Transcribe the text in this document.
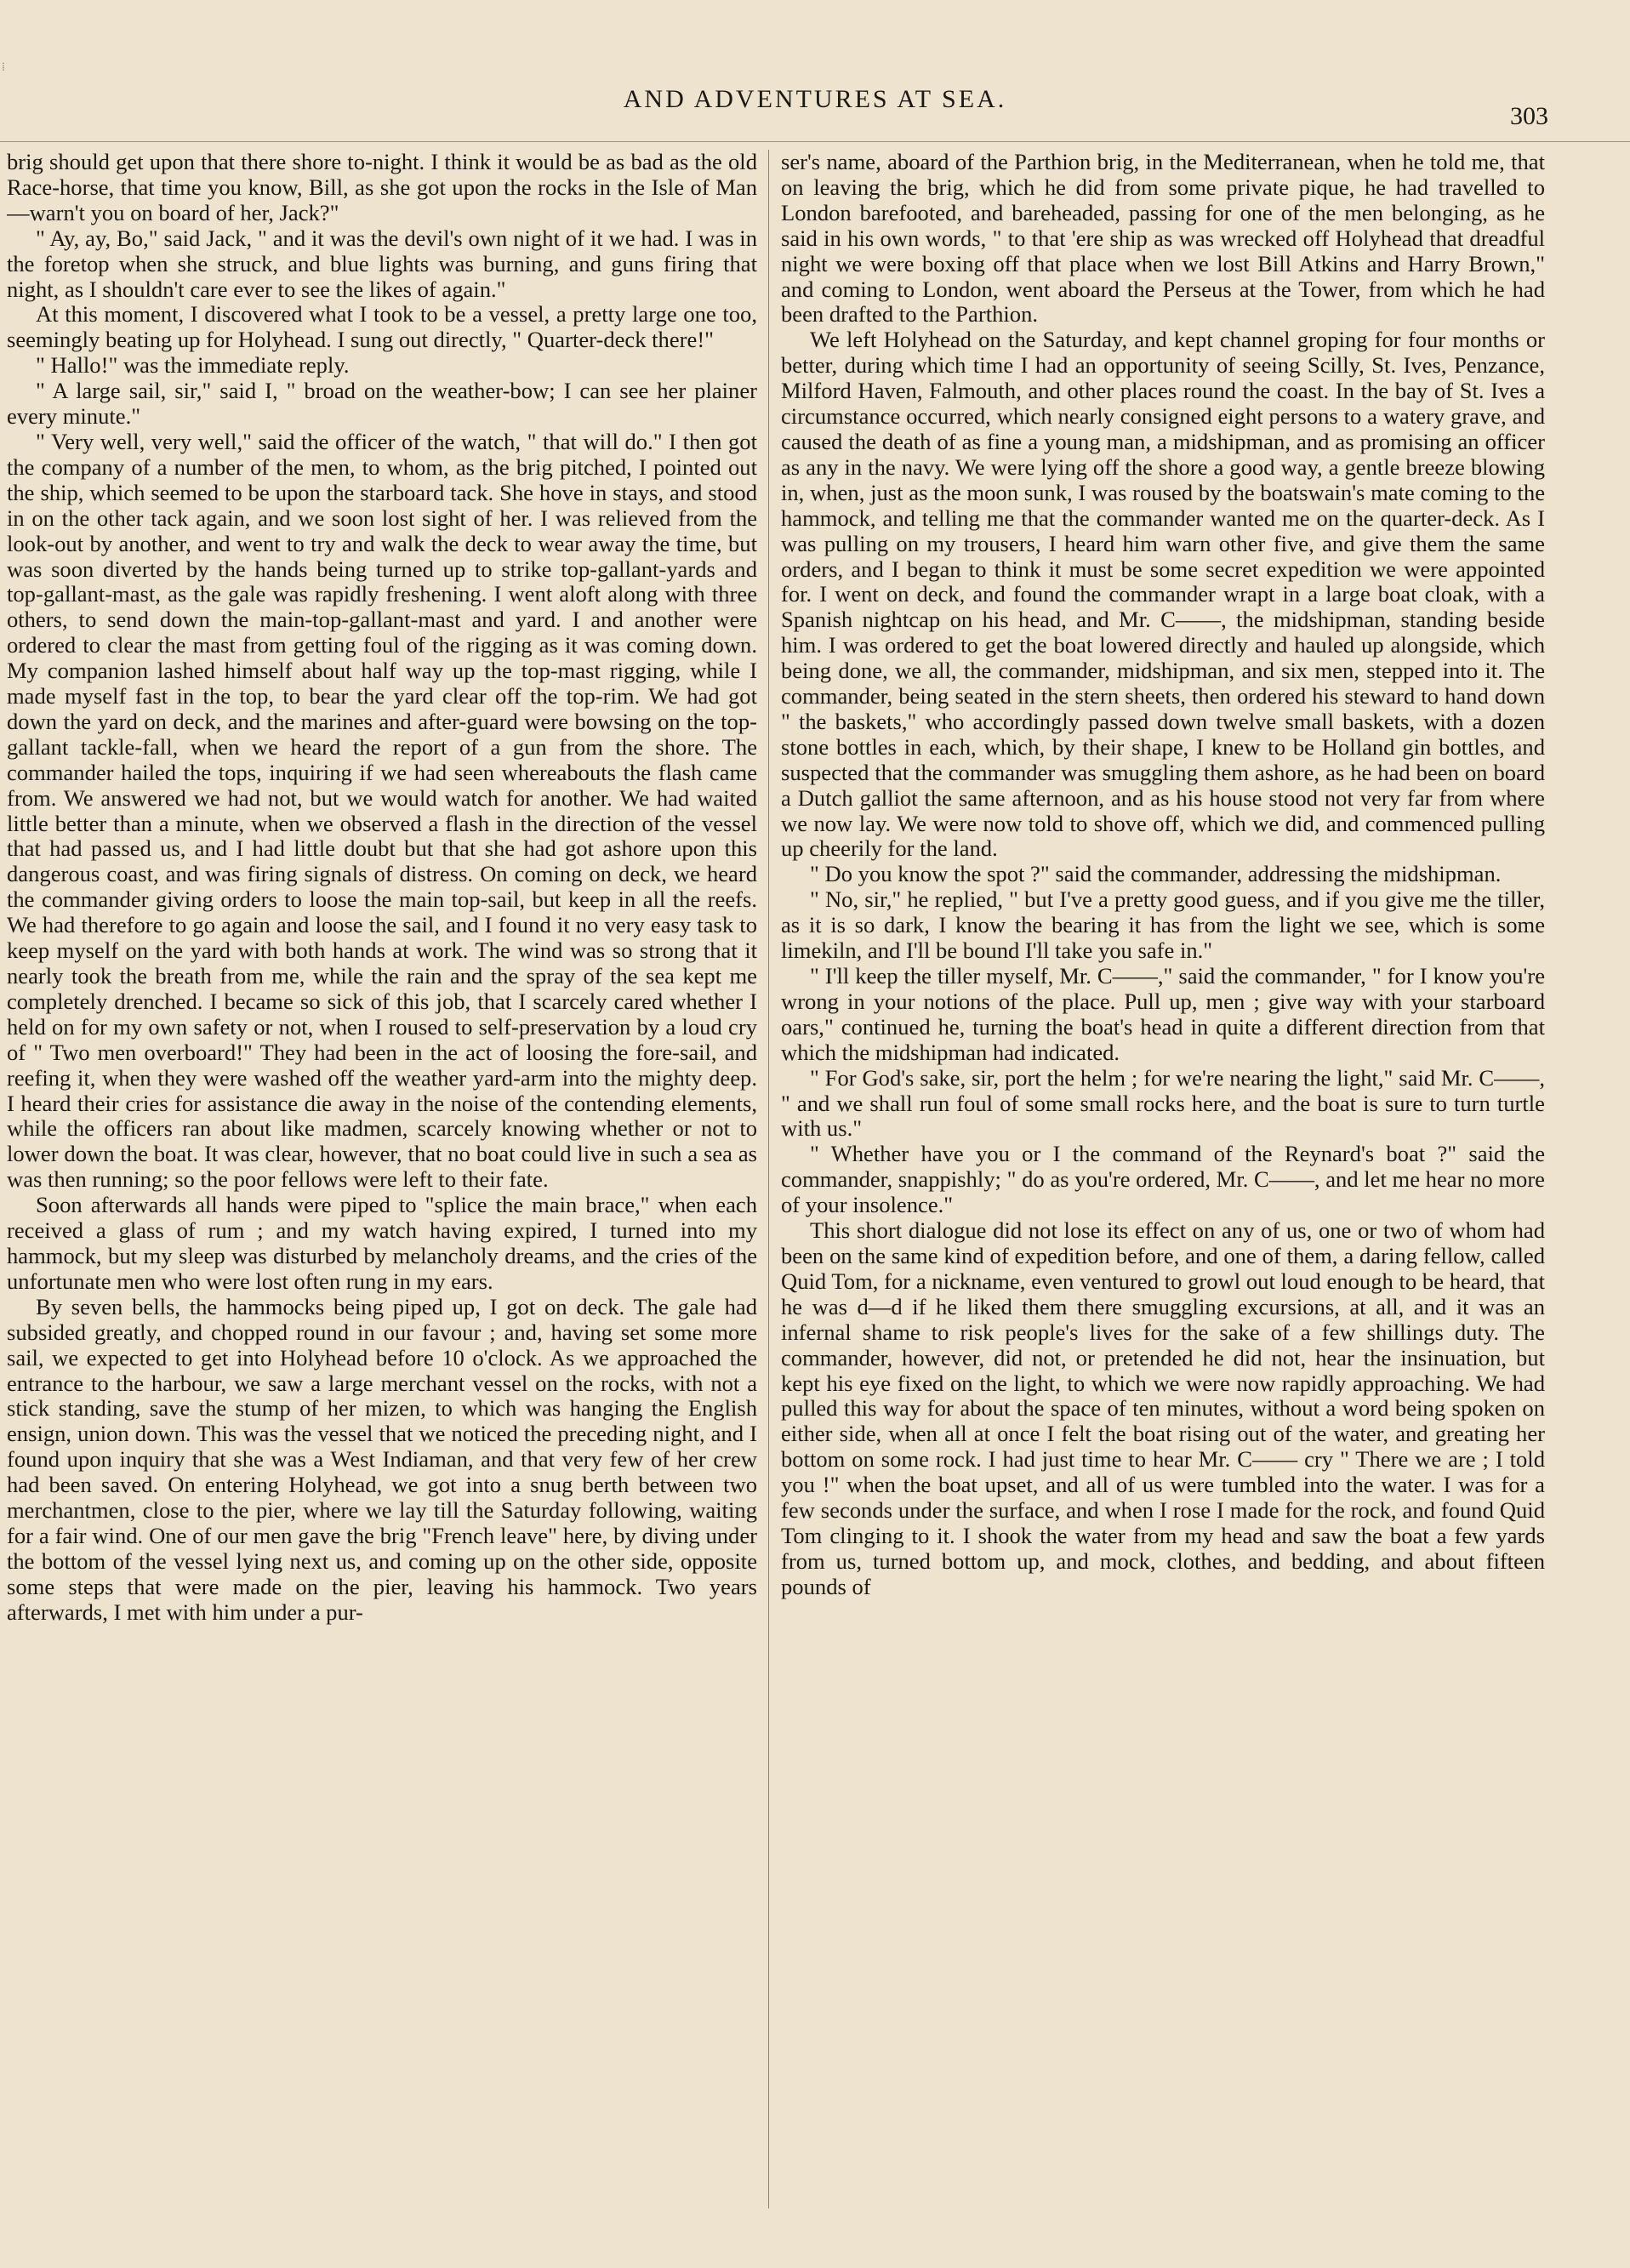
⁞
AND ADVENTURES AT SEA.
303

brig should get upon that there shore to-night. I think it would be as bad as the old Race-horse, that time you know, Bill, as she got upon the rocks in the Isle of Man—warn't you on board of her, Jack?"

" Ay, ay, Bo," said Jack, " and it was the devil's own night of it we had. I was in the foretop when she struck, and blue lights was burning, and guns firing that night, as I shouldn't care ever to see the likes of again."

At this moment, I discovered what I took to be a vessel, a pretty large one too, seemingly beating up for Holyhead. I sung out directly, " Quarter-deck there!"

" Hallo!" was the immediate reply.

" A large sail, sir," said I, " broad on the weather-bow; I can see her plainer every minute."

" Very well, very well," said the officer of the watch, " that will do." I then got the company of a number of the men, to whom, as the brig pitched, I pointed out the ship, which seemed to be upon the starboard tack. She hove in stays, and stood in on the other tack again, and we soon lost sight of her. I was relieved from the look-out by another, and went to try and walk the deck to wear away the time, but was soon diverted by the hands being turned up to strike top-gallant-yards and top-gallant-mast, as the gale was rapidly freshening. I went aloft along with three others, to send down the main-top-gallant-mast and yard. I and another were ordered to clear the mast from getting foul of the rigging as it was coming down. My companion lashed himself about half way up the top-mast rigging, while I made myself fast in the top, to bear the yard clear off the top-rim. We had got down the yard on deck, and the marines and after-guard were bowsing on the top-gallant tackle-fall, when we heard the report of a gun from the shore. The commander hailed the tops, inquiring if we had seen whereabouts the flash came from. We answered we had not, but we would watch for another. We had waited little better than a minute, when we observed a flash in the direction of the vessel that had passed us, and I had little doubt but that she had got ashore upon this dangerous coast, and was firing signals of distress. On coming on deck, we heard the commander giving orders to loose the main top-sail, but keep in all the reefs. We had therefore to go again and loose the sail, and I found it no very easy task to keep myself on the yard with both hands at work. The wind was so strong that it nearly took the breath from me, while the rain and the spray of the sea kept me completely drenched. I became so sick of this job, that I scarcely cared whether I held on for my own safety or not, when I roused to self-preservation by a loud cry of " Two men overboard!" They had been in the act of loosing the fore-sail, and reefing it, when they were washed off the weather yard-arm into the mighty deep. I heard their cries for assistance die away in the noise of the contending elements, while the officers ran about like madmen, scarcely knowing whether or not to lower down the boat. It was clear, however, that no boat could live in such a sea as was then running; so the poor fellows were left to their fate.

Soon afterwards all hands were piped to "splice the main brace," when each received a glass of rum ; and my watch having expired, I turned into my hammock, but my sleep was disturbed by melancholy dreams, and the cries of the unfortunate men who were lost often rung in my ears.

By seven bells, the hammocks being piped up, I got on deck. The gale had subsided greatly, and chopped round in our favour ; and, having set some more sail, we expected to get into Holyhead before 10 o'clock. As we approached the entrance to the harbour, we saw a large merchant vessel on the rocks, with not a stick standing, save the stump of her mizen, to which was hanging the English ensign, union down. This was the vessel that we noticed the preceding night, and I found upon inquiry that she was a West Indiaman, and that very few of her crew had been saved. On entering Holyhead, we got into a snug berth between two merchantmen, close to the pier, where we lay till the Saturday following, waiting for a fair wind. One of our men gave the brig "French leave" here, by diving under the bottom of the vessel lying next us, and coming up on the other side, opposite some steps that were made on the pier, leaving his hammock. Two years afterwards, I met with him under a pur-

ser's name, aboard of the Parthion brig, in the Mediterranean, when he told me, that on leaving the brig, which he did from some private pique, he had travelled to London barefooted, and bareheaded, passing for one of the men belonging, as he said in his own words, " to that 'ere ship as was wrecked off Holyhead that dreadful night we were boxing off that place when we lost Bill Atkins and Harry Brown," and coming to London, went aboard the Perseus at the Tower, from which he had been drafted to the Parthion.

We left Holyhead on the Saturday, and kept channel groping for four months or better, during which time I had an opportunity of seeing Scilly, St. Ives, Penzance, Milford Haven, Falmouth, and other places round the coast. In the bay of St. Ives a circumstance occurred, which nearly consigned eight persons to a watery grave, and caused the death of as fine a young man, a midshipman, and as promising an officer as any in the navy. We were lying off the shore a good way, a gentle breeze blowing in, when, just as the moon sunk, I was roused by the boatswain's mate coming to the hammock, and telling me that the commander wanted me on the quarter-deck. As I was pulling on my trousers, I heard him warn other five, and give them the same orders, and I began to think it must be some secret expedition we were appointed for. I went on deck, and found the commander wrapt in a large boat cloak, with a Spanish nightcap on his head, and Mr. C——, the midshipman, standing beside him. I was ordered to get the boat lowered directly and hauled up alongside, which being done, we all, the commander, midshipman, and six men, stepped into it. The commander, being seated in the stern sheets, then ordered his steward to hand down " the baskets," who accordingly passed down twelve small baskets, with a dozen stone bottles in each, which, by their shape, I knew to be Holland gin bottles, and suspected that the commander was smuggling them ashore, as he had been on board a Dutch galliot the same afternoon, and as his house stood not very far from where we now lay. We were now told to shove off, which we did, and commenced pulling up cheerily for the land.

" Do you know the spot ?" said the commander, addressing the midshipman.

" No, sir," he replied, " but I've a pretty good guess, and if you give me the tiller, as it is so dark, I know the bearing it has from the light we see, which is some limekiln, and I'll be bound I'll take you safe in."

" I'll keep the tiller myself, Mr. C——," said the commander, " for I know you're wrong in your notions of the place. Pull up, men ; give way with your starboard oars," continued he, turning the boat's head in quite a different direction from that which the midshipman had indicated.

" For God's sake, sir, port the helm ; for we're nearing the light," said Mr. C——, " and we shall run foul of some small rocks here, and the boat is sure to turn turtle with us."

" Whether have you or I the command of the Reynard's boat ?" said the commander, snappishly; " do as you're ordered, Mr. C——, and let me hear no more of your insolence."

This short dialogue did not lose its effect on any of us, one or two of whom had been on the same kind of expedition before, and one of them, a daring fellow, called Quid Tom, for a nickname, even ventured to growl out loud enough to be heard, that he was d—d if he liked them there smuggling excursions, at all, and it was an infernal shame to risk people's lives for the sake of a few shillings duty. The commander, however, did not, or pretended he did not, hear the insinuation, but kept his eye fixed on the light, to which we were now rapidly approaching. We had pulled this way for about the space of ten minutes, without a word being spoken on either side, when all at once I felt the boat rising out of the water, and greating her bottom on some rock. I had just time to hear Mr. C—— cry " There we are ; I told you !" when the boat upset, and all of us were tumbled into the water. I was for a few seconds under the surface, and when I rose I made for the rock, and found Quid Tom clinging to it. I shook the water from my head and saw the boat a few yards from us, turned bottom up, and mock, clothes, and bedding, and about fifteen pounds of
